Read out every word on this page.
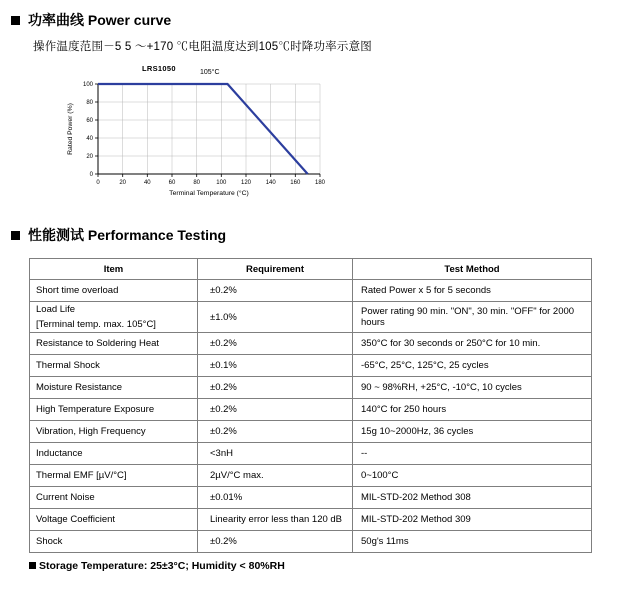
功率曲线 Power curve
操作温度范围－5 5 ～+170 ℃电阻温度达到105℃时降功率示意图
LRS1050	105°C
0	20	40	60	80	100 120 140 160 180
0
20
40
60
80
100
Terminal Temperature (°C)
Rated Power (%)
性能测试 Performance Testing
Item	Requirement	Test Method
Short time overload	±0.2%	Rated Power x 5 for 5 seconds

Load Life
[Terminal temp. max. 105°C]	±1.0%	Power rating 90 min. "ON", 30 min. "OFF" for 2000 hours
Resistance to Soldering Heat	±0.2%	350°C for 30 seconds or 250°C for 10 min.
Thermal Shock	±0.1%	-65°C, 25°C, 125°C, 25 cycles
Moisture Resistance	±0.2%	90 ~ 98%RH, +25°C, -10°C, 10 cycles
High Temperature Exposure	±0.2%	140°C for 250 hours
Vibration, High Frequency	±0.2%	15g 10~2000Hz, 36 cycles
Inductance	<3nH	--
Thermal EMF [µV/°C]	2µV/°C max.	0~100°C
Current Noise	±0.01%	MIL-STD-202 Method 308
Voltage Coefficient	Linearity error less than 120 dB	MIL-STD-202 Method 309
Shock	±0.2%	50g's 11ms
Storage Temperature: 25±3°C; Humidity < 80%RH
